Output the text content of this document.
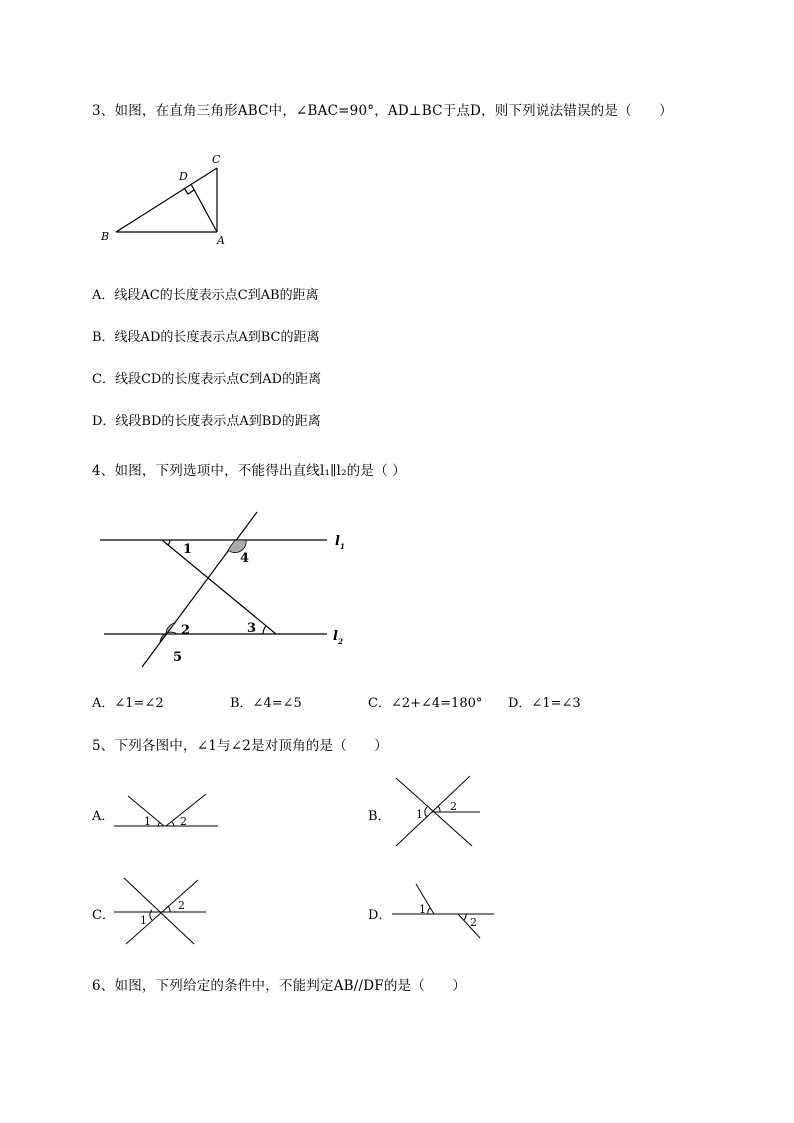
3、如图，在直角三角形ABC中，∠BAC=90°，AD⊥BC于点D，则下列说法错误的是（　　）
B	A
C
D
A．线段AC的长度表示点C到AB的距离
B．线段AD的长度表示点A到BC的距离
C．线段CD的长度表示点C到AD的距离
D．线段BD的长度表示点A到BD的距离
4、如图，下列选项中，不能得出直线l₁∥l₂的是（ ）
1
2	3
4
5
$l_1$
$l_2$
A．∠1=∠2	B．∠4=∠5	C．∠2+∠4=180° D．∠1=∠3
5、下列各图中，∠1与∠2是对顶角的是（　　）
A．	1	2	B． 1
2
C． 1
2
D．	1
2
6、如图，下列给定的条件中，不能判定AB//DF的是（　　）
